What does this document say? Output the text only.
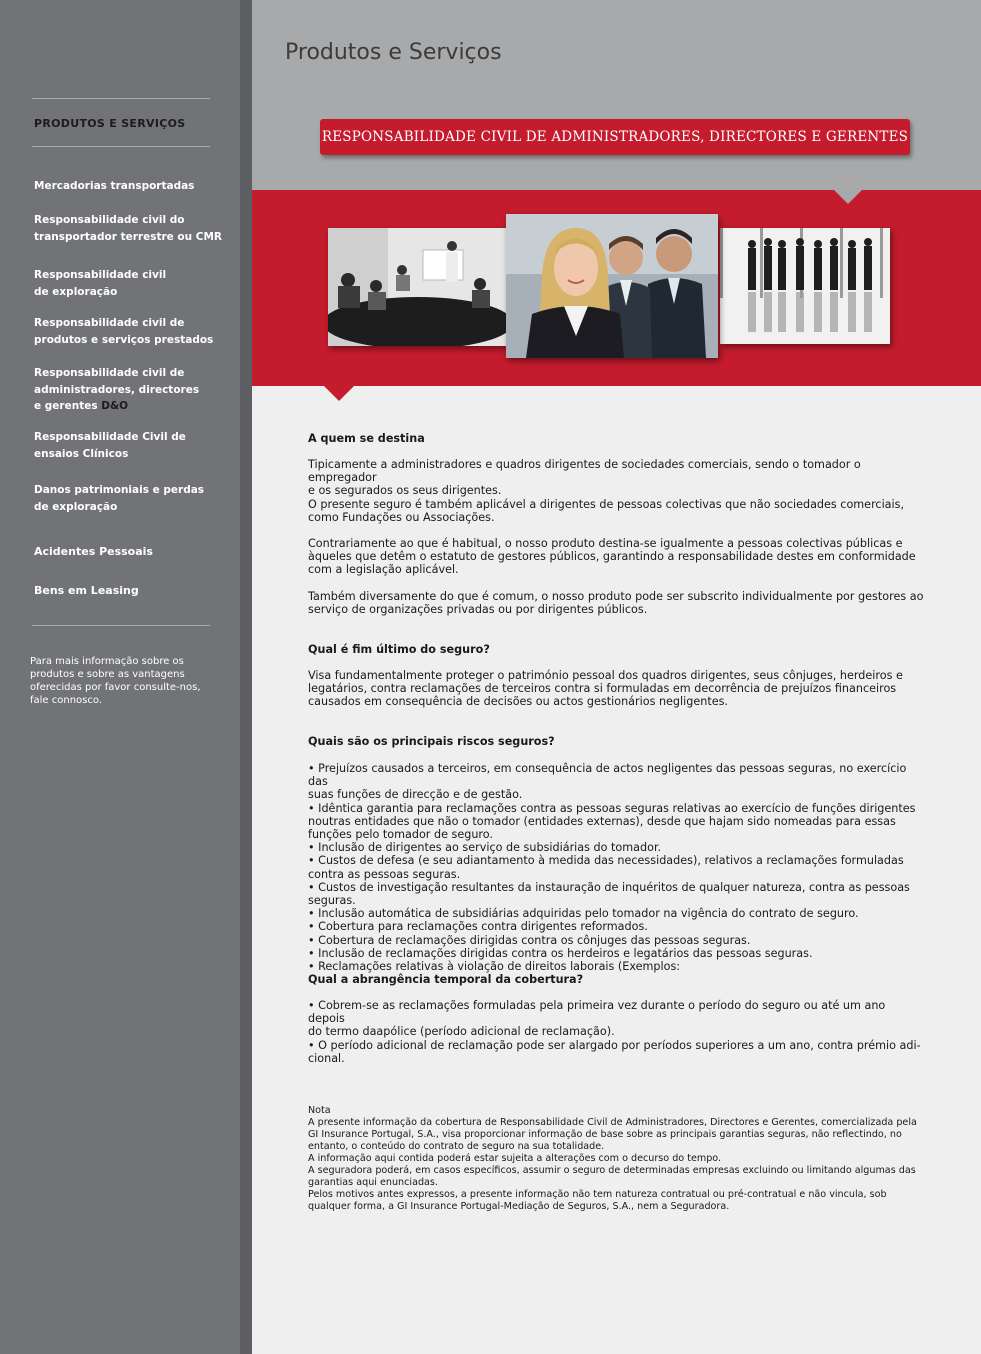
PRODUTOS E SERVIÇOS
Mercadorias transportadas
Responsabilidade civil do
transportador terrestre ou CMR
Responsabilidade civil
de exploração
Responsabilidade civil de
produtos e serviços prestados
Responsabilidade civil de
administradores, directores
e gerentes D&O
Responsabilidade Civil de
ensaios Clínicos
Danos patrimoniais e perdas
de exploração
Acidentes Pessoais
Bens em Leasing
Para mais informação sobre os
produtos e sobre as vantagens
oferecidas por favor consulte-nos,
fale connosco.
Produtos e Serviços
RESPONSABILIDADE CIVIL DE ADMINISTRADORES, DIRECTORES E GERENTES
A quem se destina
Tipicamente a administradores e quadros dirigentes de sociedades comerciais, sendo o tomador o empregador
e os segurados os seus dirigentes.
O presente seguro é também aplicável a dirigentes de pessoas colectivas que não sociedades comerciais,
como Fundações ou Associações.
Contrariamente ao que é habitual, o nosso produto destina-se igualmente a pessoas colectivas públicas e
àqueles que detêm o estatuto de gestores públicos, garantindo a responsabilidade destes em conformidade
com a legislação aplicável.
Também diversamente do que é comum, o nosso produto pode ser subscrito individualmente por gestores ao
serviço de organizações privadas ou por dirigentes públicos.
Qual é fim último do seguro?
Visa fundamentalmente proteger o património pessoal dos quadros dirigentes, seus cônjuges, herdeiros e
legatários, contra reclamações de terceiros contra si formuladas em decorrência de prejuízos financeiros
causados em consequência de decisões ou actos gestionários negligentes.
Quais são os principais riscos seguros?
• Prejuízos causados a terceiros, em consequência de actos negligentes das pessoas seguras, no exercício das
suas funções de direcção e de gestão.
• Idêntica garantia para reclamações contra as pessoas seguras relativas ao exercício de funções dirigentes
noutras entidades que não o tomador (entidades externas), desde que hajam sido nomeadas para essas
funções pelo tomador de seguro.
• Inclusão de dirigentes ao serviço de subsidiárias do tomador.
• Custos de defesa (e seu adiantamento à medida das necessidades), relativos a reclamações formuladas
contra as pessoas seguras.
• Custos de investigação resultantes da instauração de inquéritos de qualquer natureza, contra as pessoas seguras.
• Inclusão automática de subsidiárias adquiridas pelo tomador na vigência do contrato de seguro.
• Cobertura para reclamações contra dirigentes reformados.
• Cobertura de reclamações dirigidas contra os cônjuges das pessoas seguras.
• Inclusão de reclamações dirigidas contra os herdeiros e legatários das pessoas seguras.
• Reclamações relativas à violação de direitos laborais (Exemplos:
Qual a abrangência temporal da cobertura?
• Cobrem-se as reclamações formuladas pela primeira vez durante o período do seguro ou até um ano depois
do termo daapólice (período adicional de reclamação).
• O período adicional de reclamação pode ser alargado por períodos superiores a um ano, contra prémio adi-
cional.
Nota
A presente informação da cobertura de Responsabilidade Civil de Administradores, Directores e Gerentes, comercializada pela
GI Insurance Portugal, S.A., visa proporcionar informação de base sobre as principais garantias seguras, não reflectindo, no
entanto, o conteúdo do contrato de seguro na sua totalidade.
A informação aqui contida poderá estar sujeita a alterações com o decurso do tempo.
A seguradora poderá, em casos específicos, assumir o seguro de determinadas empresas excluindo ou limitando algumas das
garantias aqui enunciadas.
Pelos motivos antes expressos, a presente informação não tem natureza contratual ou pré-contratual e não vincula, sob
qualquer forma, a GI Insurance Portugal-Mediação de Seguros, S.A., nem a Seguradora.
